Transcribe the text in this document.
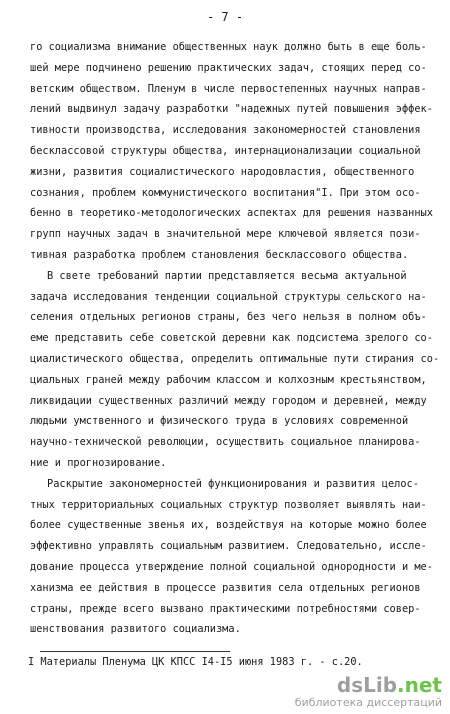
- 7 -
го социализма внимание общественных наук должно быть в еще боль-
шей мере подчинено решению практических задач, стоящих перед со-
ветским обществом. Пленум в числе первостепенных научных направ-
лений выдвинул задачу разработки "надежных путей повышения эффек-
тивности производства, исследования закономерностей становления
бесклассовой структуры общества, интернационализации социальной
жизни, развития социалистического народовластия, общественного
сознания, проблем коммунистического воспитания"I. При этом осо-
бенно в теоретико-методологических аспектах для решения названных
групп научных задач в значительной мере ключевой является пози-
тивная разработка проблем становления бесклассового общества.
В свете требований партии представляется весьма актуальной
задача исследования тенденции социальной структуры сельского на-
селения отдельных регионов страны, без чего нельзя в полном объ-
еме представить себе советской деревни как подсистема зрелого со-
циалистического общества, определить оптимальные пути стирания со-
циальных граней между рабочим классом и колхозным крестьянством,
ликвидации существенных различий между городом и деревней, между
людьми умственного и физического труда в условиях современной
научно-технической революции, осуществить социальное планирова-
ние и прогнозирование.
Раскрытие закономерностей функционирования и развития целос-
тных территориальных социальных структур позволяет выявлять наи-
более существенные звенья их, воздействуя на которые можно более
эффективно управлять социальным развитием. Следовательно, иссле-
дование процесса утверждение полной социальной однородности и ме-
ханизма ее действия в процессе развития села отдельных регионов
страны, прежде всего вызвано практическими потребностями совер-
шенствования развитого социализма.
I Материалы Пленума ЦК КПСС I4-I5 июня 1983 г. - с.20.
dsLib.net
библиотека диссертаций
